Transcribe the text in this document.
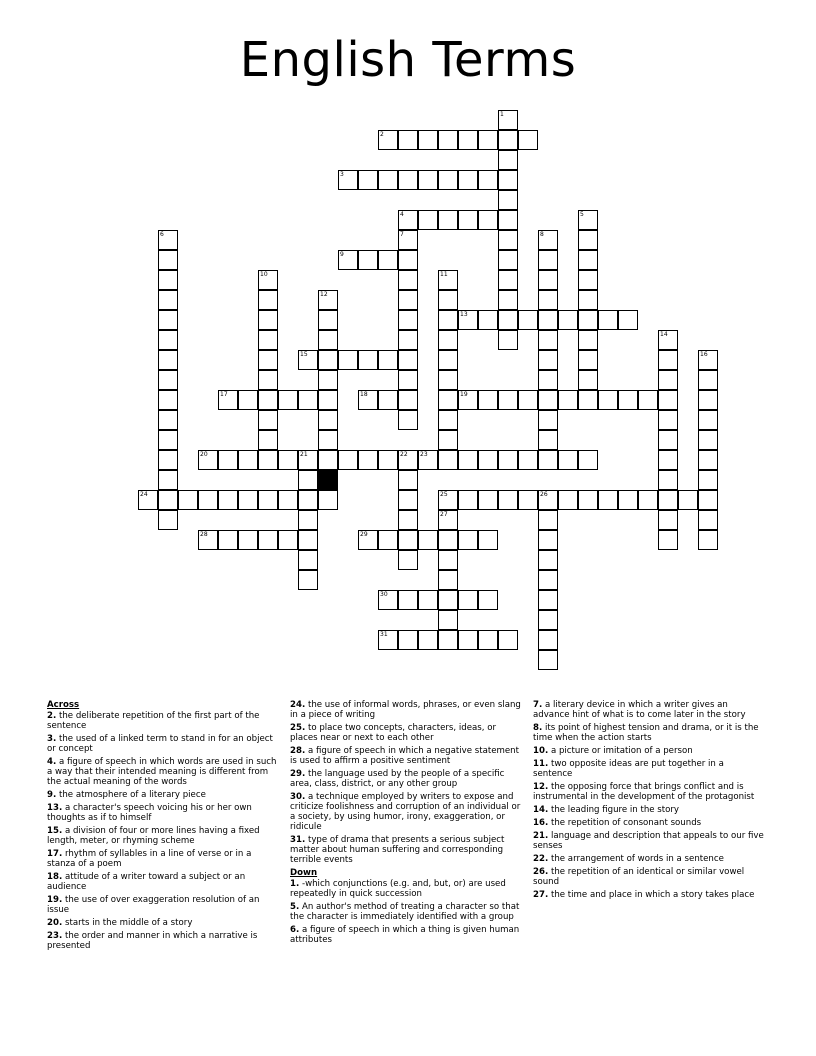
English Terms
2
3
4
9
13
15
17	18	19
20	21	22 23
24	25	26
28	29
30
31
1
5
6	7	8
10	11
12
14
16
27
Across

2. the deliberate repetition of the first part of the sentence

3. the used of a linked term to stand in for an object or concept

4. a figure of speech in which words are used in such a way that their intended meaning is different from the actual meaning of the words

9. the atmosphere of a literary piece

13. a character's speech voicing his or her own thoughts as if to himself

15. a division of four or more lines having a fixed length, meter, or rhyming scheme

17. rhythm of syllables in a line of verse or in a stanza of a poem

18. attitude of a writer toward a subject or an audience

19. the use of over exaggeration resolution of an issue

20. starts in the middle of a story

23. the order and manner in which a narrative is presented

24. the use of informal words, phrases, or even slang in a piece of writing

25. to place two concepts, characters, ideas, or places near or next to each other

28. a figure of speech in which a negative statement is used to affirm a positive sentiment

29. the language used by the people of a specific area, class, district, or any other group

30. a technique employed by writers to expose and criticize foolishness and corruption of an individual or a society, by using humor, irony, exaggeration, or ridicule

31. type of drama that presents a serious subject matter about human suffering and corresponding terrible events

Down

1. -which conjunctions (e.g. and, but, or) are used repeatedly in quick succession

5. An author's method of treating a character so that the character is immediately identified with a group

6. a figure of speech in which a thing is given human attributes

7. a literary device in which a writer gives an advance hint of what is to come later in the story

8. its point of highest tension and drama, or it is the time when the action starts

10. a picture or imitation of a person

11. two opposite ideas are put together in a sentence

12. the opposing force that brings conflict and is instrumental in the development of the protagonist

14. the leading figure in the story

16. the repetition of consonant sounds

21. language and description that appeals to our five senses

22. the arrangement of words in a sentence

26. the repetition of an identical or similar vowel sound

27. the time and place in which a story takes place
